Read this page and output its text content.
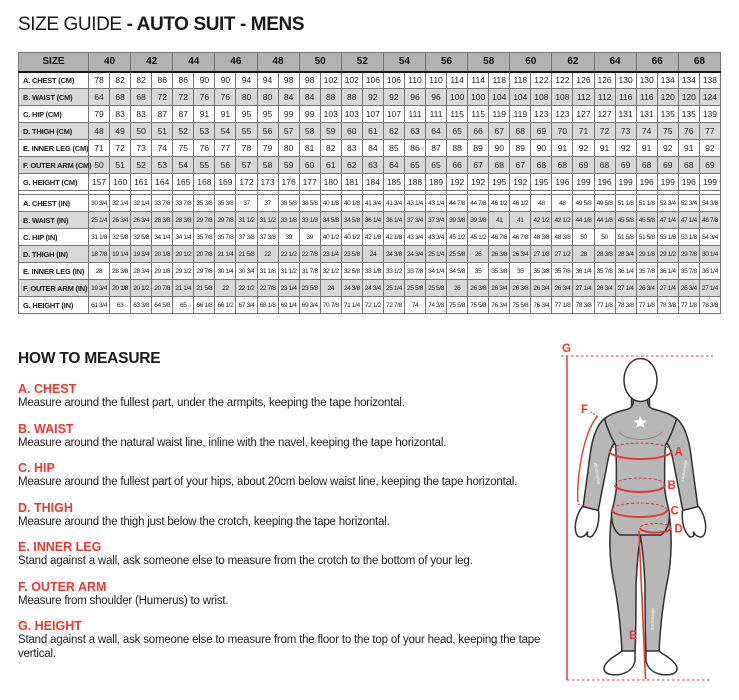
SIZE GUIDE - AUTO SUIT - MENS
SIZE	40		42		44		46		48		50		52		54		56		58		60		62		64		66		68	
A. CHEST (CM)	78	82	82	86	86	90	90	94	94	98	98	102	102	106	106	110	110	114	114	118	118	122	122	126	126	130	130	134	134	138
B. WAIST (CM)	64	68	68	72	72	76	76	80	80	84	84	88	88	92	92	96	96	100	100	104	104	108	108	112	112	116	116	120	120	124
C. HIP (CM)	79	83	83	87	87	91	91	95	95	99	99	103	103	107	107	111	111	115	115	119	119	123	123	127	127	131	131	135	135	139
D. THIGH (CM)	48	49	50	51	52	53	54	55	56	57	58	59	60	61	62	63	64	65	66	67	68	69	70	71	72	73	74	75	76	77
E. INNER LEG (CM)	71	72	73	74	75	76	77	78	79	80	81	82	83	84	85	86	87	88	89	90	89	90	91	92	91	92	91	92	91	92
F. OUTER ARM (CM)	50	51	52	53	54	55	56	57	58	59	60	61	62	63	64	65	65	66	67	68	67	68	68	69	68	69	68	69	68	69
G. HEIGHT (CM)	157	160	161	164	165	168	169	172	173	176	177	180	181	184	185	188	189	192	192	195	192	195	196	199	196	199	196	199	196	199

A. CHEST (IN)	30 3/4	32 1/4	32 1/4	33 7/8	33 7/8	35 3/8	35 3/8	37	37	38 5/8	38 5/8	40 1/8	40 1/8	41 3/4	41 3/4	43 1/4	43 1/4	44 7/8	44 7/8	46 1/2	46 1/2	48	48	49 5/8	49 5/8	51 1/8	51 1/8	52 3/4	52 3/4	54 3/8
B. WAIST (IN)	25 1/4	26 3/4	26 3/4	28 3/8	28 3/8	29 7/8	29 7/8	31 1/2	31 1/2	33 1/8	33 1/8	34 5/8	34 5/8	36 1/4	36 1/4	37 3/4	37 3/4	39 3/8	39 3/8	41	41	42 1/2	42 1/2	44 1/8	44 1/8	45 5/8	45 5/8	47 1/4	47 1/4	48 7/8
C. HIP (IN)	31 1/8	32 5/8	32 5/8	34 1/4	34 1/4	35 7/8	35 7/8	37 3/8	37 3/8	39	39	40 1/2	40 1/2	42 1/8	42 1/8	43 3/4	43 3/4	45 1/2	45 1/2	46 7/8	46 7/8	48 3/8	48 3/8	50	50	51 5/8	51 5/8	53 1/8	53 1/8	54 3/4
D. THIGH (IN)	18 7/8	19 1/4	19 3/4	20 1/8	20 1/2	20 7/8	21 1/4	21 5/8	22	22 1/2	22 7/8	23 1/4	23 5/8	24	24 3/8	24 3/4	25 1/4	25 5/8	26	26 3/8	26 3/4	27 1/8	27 1/2	28	28 3/8	28 3/4	29 1/8	29 1/2	29 7/8	30 1/4
E. INNER LEG (IN)	28	28 3/8	28 3/4	29 1/8	29 1/2	29 7/8	30 1/4	30 3/4	31 1/8	31 1/2	31 7/8	32 1/2	32 5/8	33 1/8	33 1/2	33 7/8	34 1/4	34 5/8	35	35 3/8	35	35 3/8	35 7/8	36 1/4	35 7/8	36 1/4	35 7/8	36 1/4	35 7/8	36 1/4
F. OUTER ARM (IN)	19 3/4	20 1/8	20 1/2	20 7/8	21 1/4	21 5/8	22	22 1/2	22 7/8	23 1/4	23 5/8	24	24 3/8	24 3/4	25 1/4	25 5/8	25 5/8	26	26 3/8	26 3/4	26 3/8	26 3/4	26 3/4	27 1/4	26 3/4	27 1/4	26 3/4	27 1/4	26 3/4	27 1/4
G. HEIGHT (IN)	61 3/4	63	63 3/8	64 5/8	65	66 1/8	66 1/2	67 3/4	68 1/8	69 1/4	69 3/4	70 7/8	71 1/4	72 1/2	72 7/8	74	74 3/8	75 5/8	75 5/8	76 3/4	75 5/8	76 3/4	77 1/8	78 3/8	77 1/8	78 3/8	77 1/8	78 3/8	77 1/8	78 3/8
HOW TO MEASURE
A. CHEST
Measure around the fullest part, under the armpits, keeping the tape horizontal.
B. WAIST
Measure around the natural waist line, inline with the navel, keeping the tape horizontal.
C. HIP
Measure around the fullest part of your hips, about 20cm below waist line, keeping the tape horizontal.
D. THIGH
Measure around the thigh just below the crotch, keeping the tape horizontal.
E. INNER LEG
Stand against a wall, ask someone else to measure from the crotch to the bottom of your leg.
F. OUTER ARM
Measure from shoulder (Humerus) to wrist.
G. HEIGHT
Stand against a wall, ask someone else to measure from the floor to the top of your head, keeping the tape vertical.
alpinestars	alpinestars
alpinestars
G
F
A
B
C
D
E
